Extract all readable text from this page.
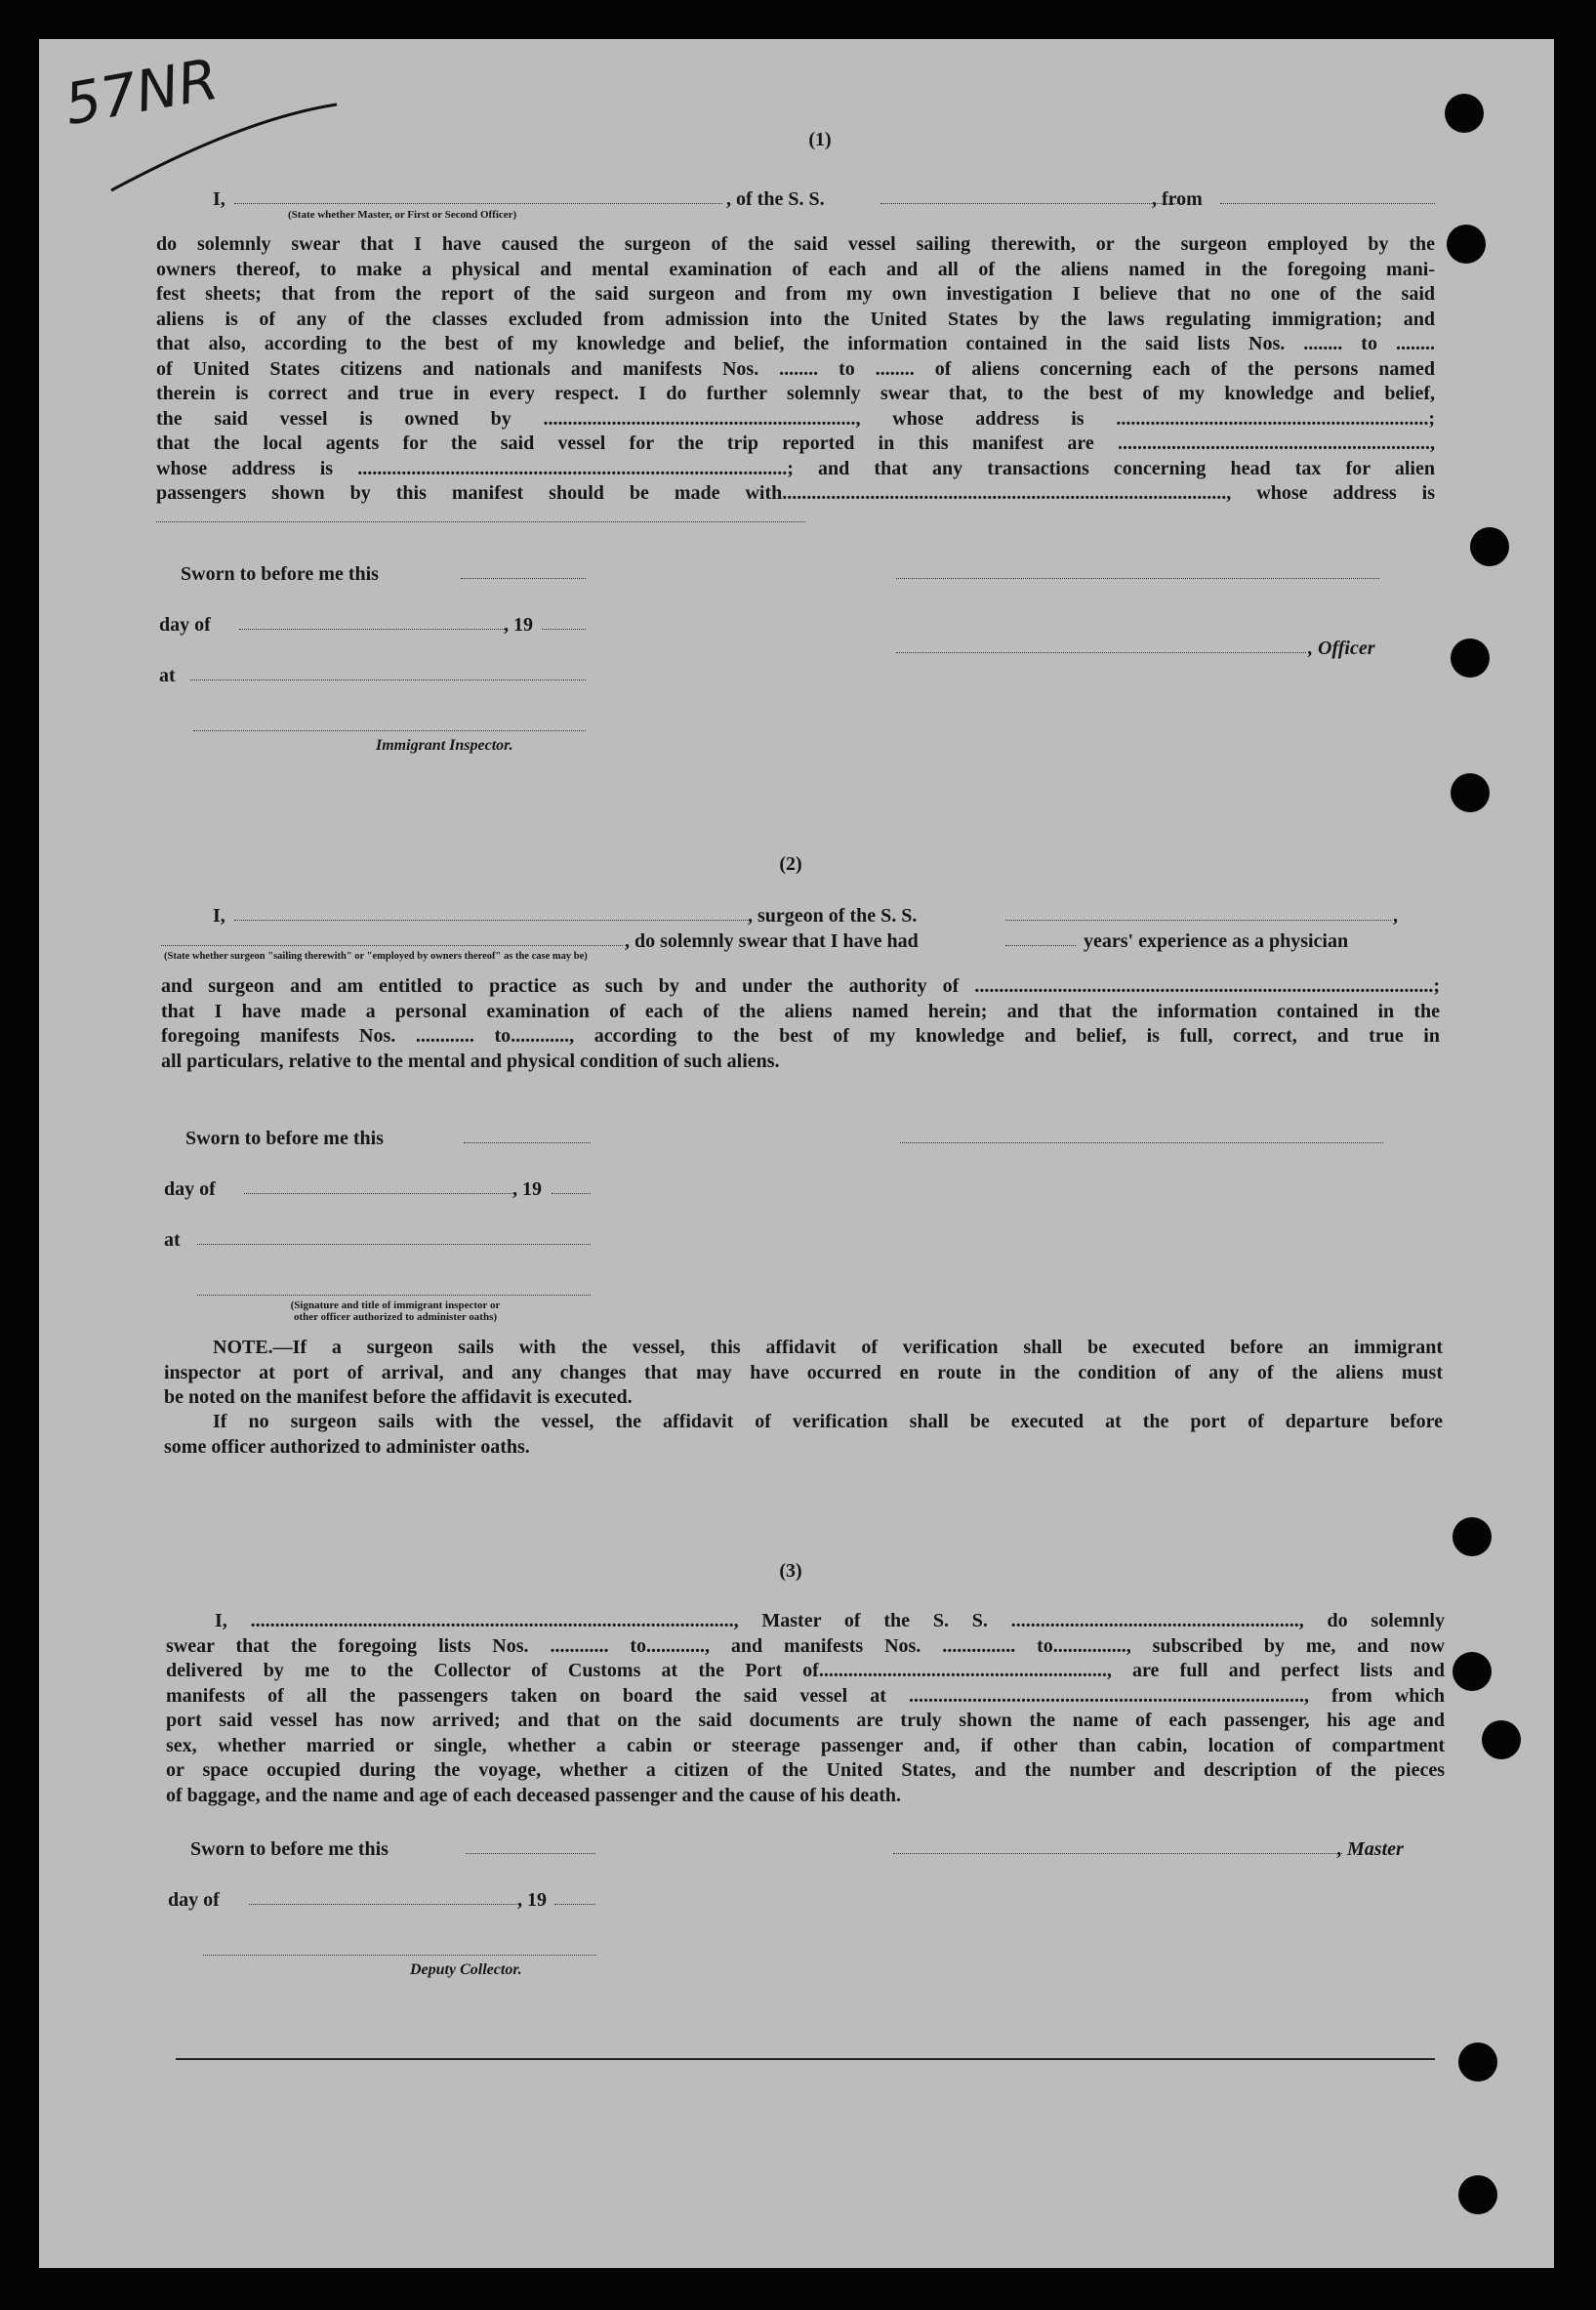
57NR
(1)
I,	, of the S. S.	, from
(State whether Master, or First or Second Officer)
do solemnly swear that I have caused the surgeon of the said vessel sailing therewith, or the surgeon employed by the
owners thereof, to make a physical and mental examination of each and all of the aliens named in the foregoing mani-
fest sheets; that from the report of the said surgeon and from my own investigation I believe that no one of the said
aliens is of any of the classes excluded from admission into the United States by the laws regulating immigration; and
that also, according to the best of my knowledge and belief, the information contained in the said lists Nos. ........ to ........
of United States citizens and nationals and manifests Nos. ........ to ........ of aliens concerning each of the persons named
therein is correct and true in every respect. I do further solemnly swear that, to the best of my knowledge and belief,
the said vessel is owned by ................................................................, whose address is ................................................................;
that the local agents for the said vessel for the trip reported in this manifest are ................................................................,
whose address is ........................................................................................; and that any transactions concerning head tax for alien
passengers shown by this manifest should be made with..........................................................................................., whose address is
Sworn to before me this
day of	, 19
, Officer
at
Immigrant Inspector.
(2)
I,	, surgeon of the S. S.	,
, do solemnly swear that I have had	years' experience as a physician
(State whether surgeon "sailing therewith" or "employed by owners thereof" as the case may be)
and surgeon and am entitled to practice as such by and under the authority of ..............................................................................................;
that I have made a personal examination of each of the aliens named herein; and that the information contained in the
foregoing manifests Nos. ............ to............, according to the best of my knowledge and belief, is full, correct, and true in
all particulars, relative to the mental and physical condition of such aliens.
Sworn to before me this
day of	, 19
at
(Signature and title of immigrant inspector or
other officer authorized to administer oaths)
NOTE.—If a surgeon sails with the vessel, this affidavit of verification shall be executed before an immigrant
inspector at port of arrival, and any changes that may have occurred en route in the condition of any of the aliens must
be noted on the manifest before the affidavit is executed.
If no surgeon sails with the vessel, the affidavit of verification shall be executed at the port of departure before
some officer authorized to administer oaths.
(3)
I, ..................................................................................................., Master of the S. S. ..........................................................., do solemnly
swear that the foregoing lists Nos. ............ to............, and manifests Nos. ............... to..............., subscribed by me, and now
delivered by me to the Collector of Customs at the Port of..........................................................., are full and perfect lists and
manifests of all the passengers taken on board the said vessel at ................................................................................., from which
port said vessel has now arrived; and that on the said documents are truly shown the name of each passenger, his age and
sex, whether married or single, whether a cabin or steerage passenger and, if other than cabin, location of compartment
or space occupied during the voyage, whether a citizen of the United States, and the number and description of the pieces
of baggage, and the name and age of each deceased passenger and the cause of his death.
Sworn to before me this	, Master
day of	, 19
Deputy Collector.
